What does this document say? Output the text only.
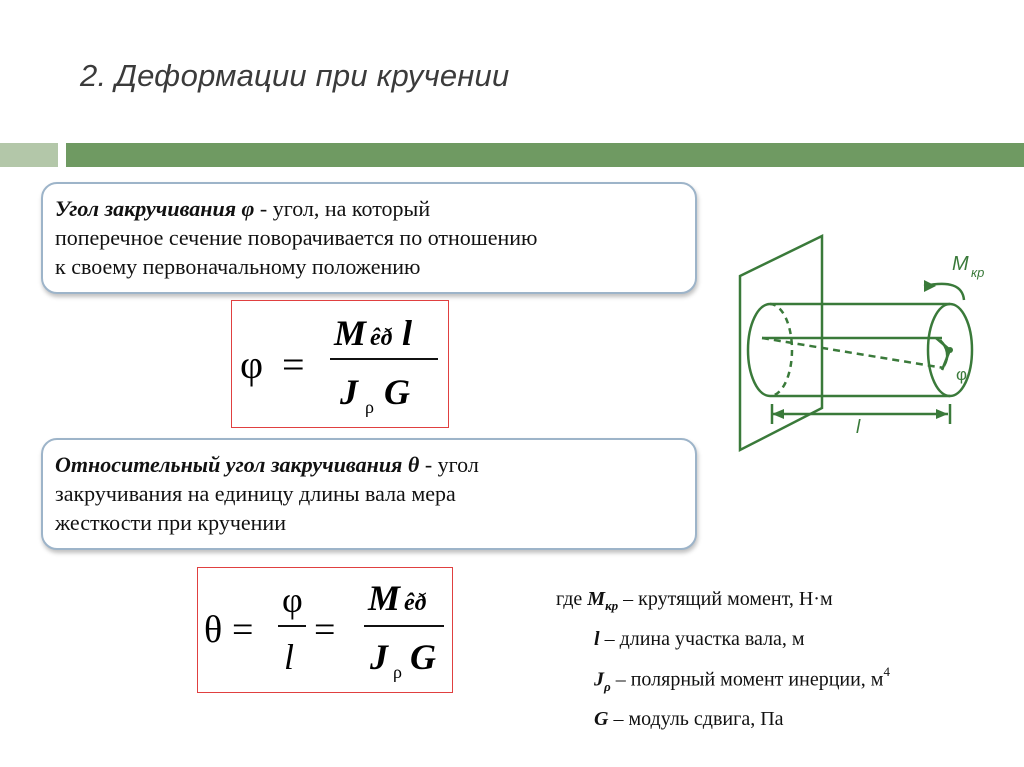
2. Деформации при кручении
Угол закручивания φ - угол, на который
поперечное сечение поворачивается по отношению
к своему первоначальному положению
φ =
M êð l
J ρ G
Относительный угол закручивания θ - угол
закручивания на единицу длины вала мера
жесткости при кручении
θ =
φ
l
=
M êð
J ρ G
где $M_{кр}$ – крутящий момент, Н·м
l – длина участка вала, м
$J_\rho$ – полярный момент инерции, $м^4$
G – модуль сдвига, Па
M кр
φ
l
